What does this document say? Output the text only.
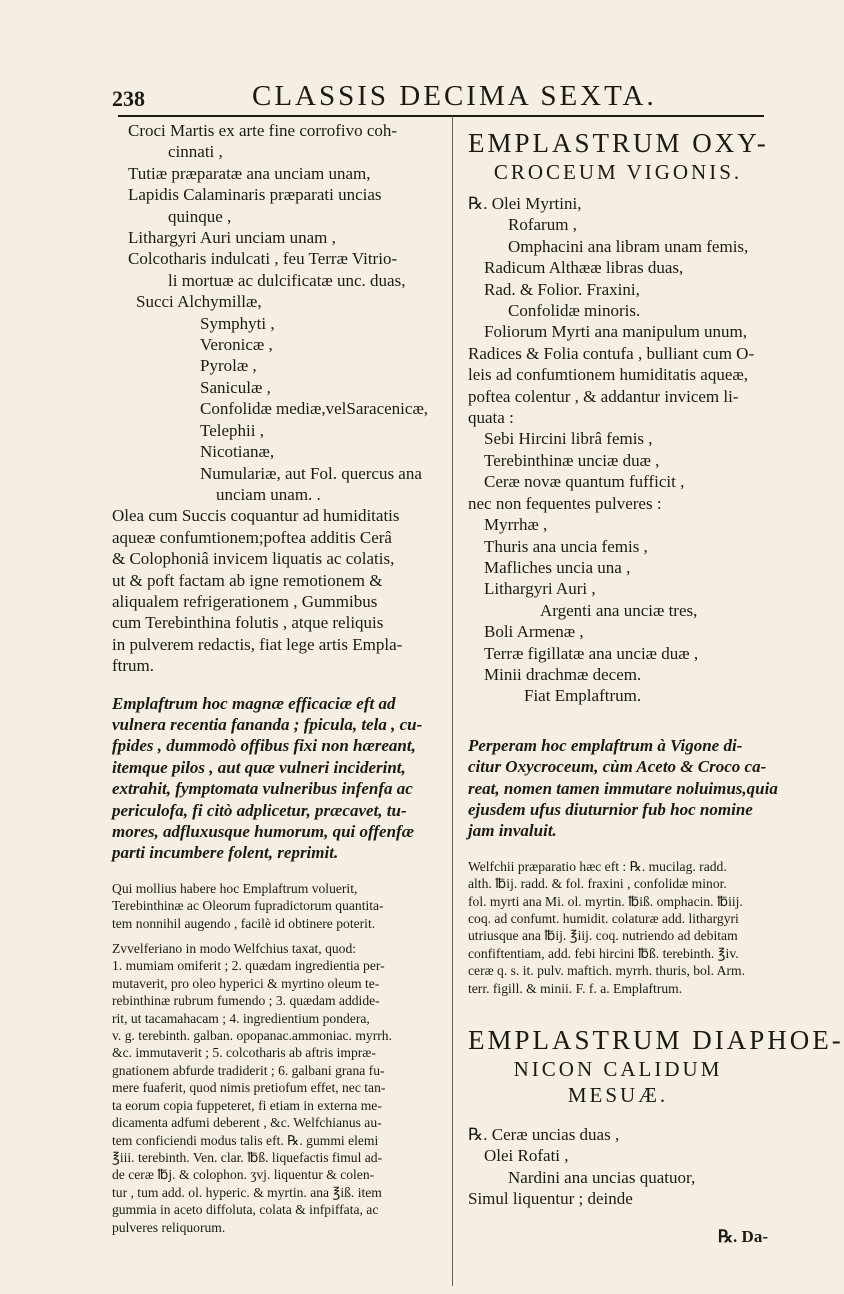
238	CLASSIS DECIMA SEXTA.
Croci Martis ex arte fine corrofivo coh-
cinnati ,
Tutiæ præparatæ ana unciam unam,
Lapidis Calaminaris præparati uncias
quinque ,
Lithargyri Auri unciam unam ,
Colcotharis indulcati , feu Terræ Vitrio-
li mortuæ ac dulcificatæ unc. duas,
Succi Alchymillæ,
Symphyti ,
Veronicæ ,
Pyrolæ ,
Saniculæ ,
Confolidæ mediæ,velSaracenicæ,
Telephii ,
Nicotianæ,
Numulariæ, aut Fol. quercus ana
unciam unam. .
Olea cum Succis coquantur ad humiditatis
aqueæ confumtionem;poftea additis Cerâ
& Colophoniâ invicem liquatis ac colatis,
ut & poft factam ab igne remotionem &
aliqualem refrigerationem , Gummibus
cum Terebinthina folutis , atque reliquis
in pulverem redactis, fiat lege artis Empla-
ftrum.
Emplaftrum hoc magnæ efficaciæ eft ad
vulnera recentia fananda ; fpicula, tela , cu-
fpides , dummodò offibus fixi non hæreant,
itemque pilos , aut quæ vulneri inciderint,
extrahit, fymptomata vulneribus infenfa ac
periculofa, fi citò adplicetur, præcavet, tu-
mores, adfluxusque humorum, qui offenfæ
parti incumbere folent, reprimit.
Qui mollius habere hoc Emplaftrum voluerit,
Terebinthinæ ac Oleorum fupradictorum quantita-
tem nonnihil augendo , facilè id obtinere poterit.
Zvvelferiano in modo Welfchius taxat, quod:
1. mumiam omiferit ; 2. quædam ingredientia per-
mutaverit, pro oleo hyperici & myrtino oleum te-
rebinthinæ rubrum fumendo ; 3. quædam addide-
rit, ut tacamahacam ; 4. ingredientium pondera,
v. g. terebinth. galban. opopanac.ammoniac. myrrh.
&c. immutaverit ; 5. colcotharis ab aftris impræ-
gnationem abfurde tradiderit ; 6. galbani grana fu-
mere fuaferit, quod nimis pretiofum effet, nec tan-
ta eorum copia fuppeteret, fi etiam in externa me-
dicamenta adfumi deberent , &c. Welfchianus au-
tem conficiendi modus talis eft. ℞. gummi elemi
℥iii. terebinth. Ven. clar. ℔ß. liquefactis fimul ad-
de ceræ ℔j. & colophon. ʒvj. liquentur & colen-
tur , tum add. ol. hyperic. & myrtin. ana ℥iß. item
gummia in aceto diffoluta, colata & infpiffata, ac
pulveres reliquorum.
EMPLASTRUM OXY-
CROCEUM VIGONIS.
℞. Olei Myrtini,
Rofarum ,
Omphacini ana libram unam femis,
Radicum Althææ libras duas,
Rad. & Folior. Fraxini,
Confolidæ minoris.
Foliorum Myrti ana manipulum unum,
Radices & Folia contufa , bulliant cum O-
leis ad confumtionem humiditatis aqueæ,
poftea colentur , & addantur invicem li-
quata :
Sebi Hircini librâ femis ,
Terebinthinæ unciæ duæ ,
Ceræ novæ quantum fufficit ,
nec non fequentes pulveres :
Myrrhæ ,
Thuris ana uncia femis ,
Mafliches uncia una ,
Lithargyri Auri ,
Argenti ana unciæ tres,
Boli Armenæ ,
Terræ figillatæ ana unciæ duæ ,
Minii drachmæ decem.
Fiat Emplaftrum.
Perperam hoc emplaftrum à Vigone di-
citur Oxycroceum, cùm Aceto & Croco ca-
reat, nomen tamen immutare noluimus,quia
ejusdem ufus diuturnior fub hoc nomine
jam invaluit.
Welfchii præparatio hæc eft : ℞. mucilag. radd.
alth. ℔ij. radd. & fol. fraxini , confolidæ minor.
fol. myrti ana Mi. ol. myrtin. ℔iß. omphacin. ℔iij.
coq. ad confumt. humidit. colaturæ add. lithargyri
utriusque ana ℔ij. ℥iij. coq. nutriendo ad debitam
confiftentiam, add. febi hircini ℔ß. terebinth. ℥iv.
ceræ q. s. it. pulv. maftich. myrrh. thuris, bol. Arm.
terr. figill. & minii. F. f. a. Emplaftrum.
EMPLASTRUM DIAPHOE-
NICON CALIDUM
MESUÆ.
℞. Ceræ uncias duas ,
Olei Rofati ,
Nardini ana uncias quatuor,
Simul liquentur ; deinde
℞. Da-
